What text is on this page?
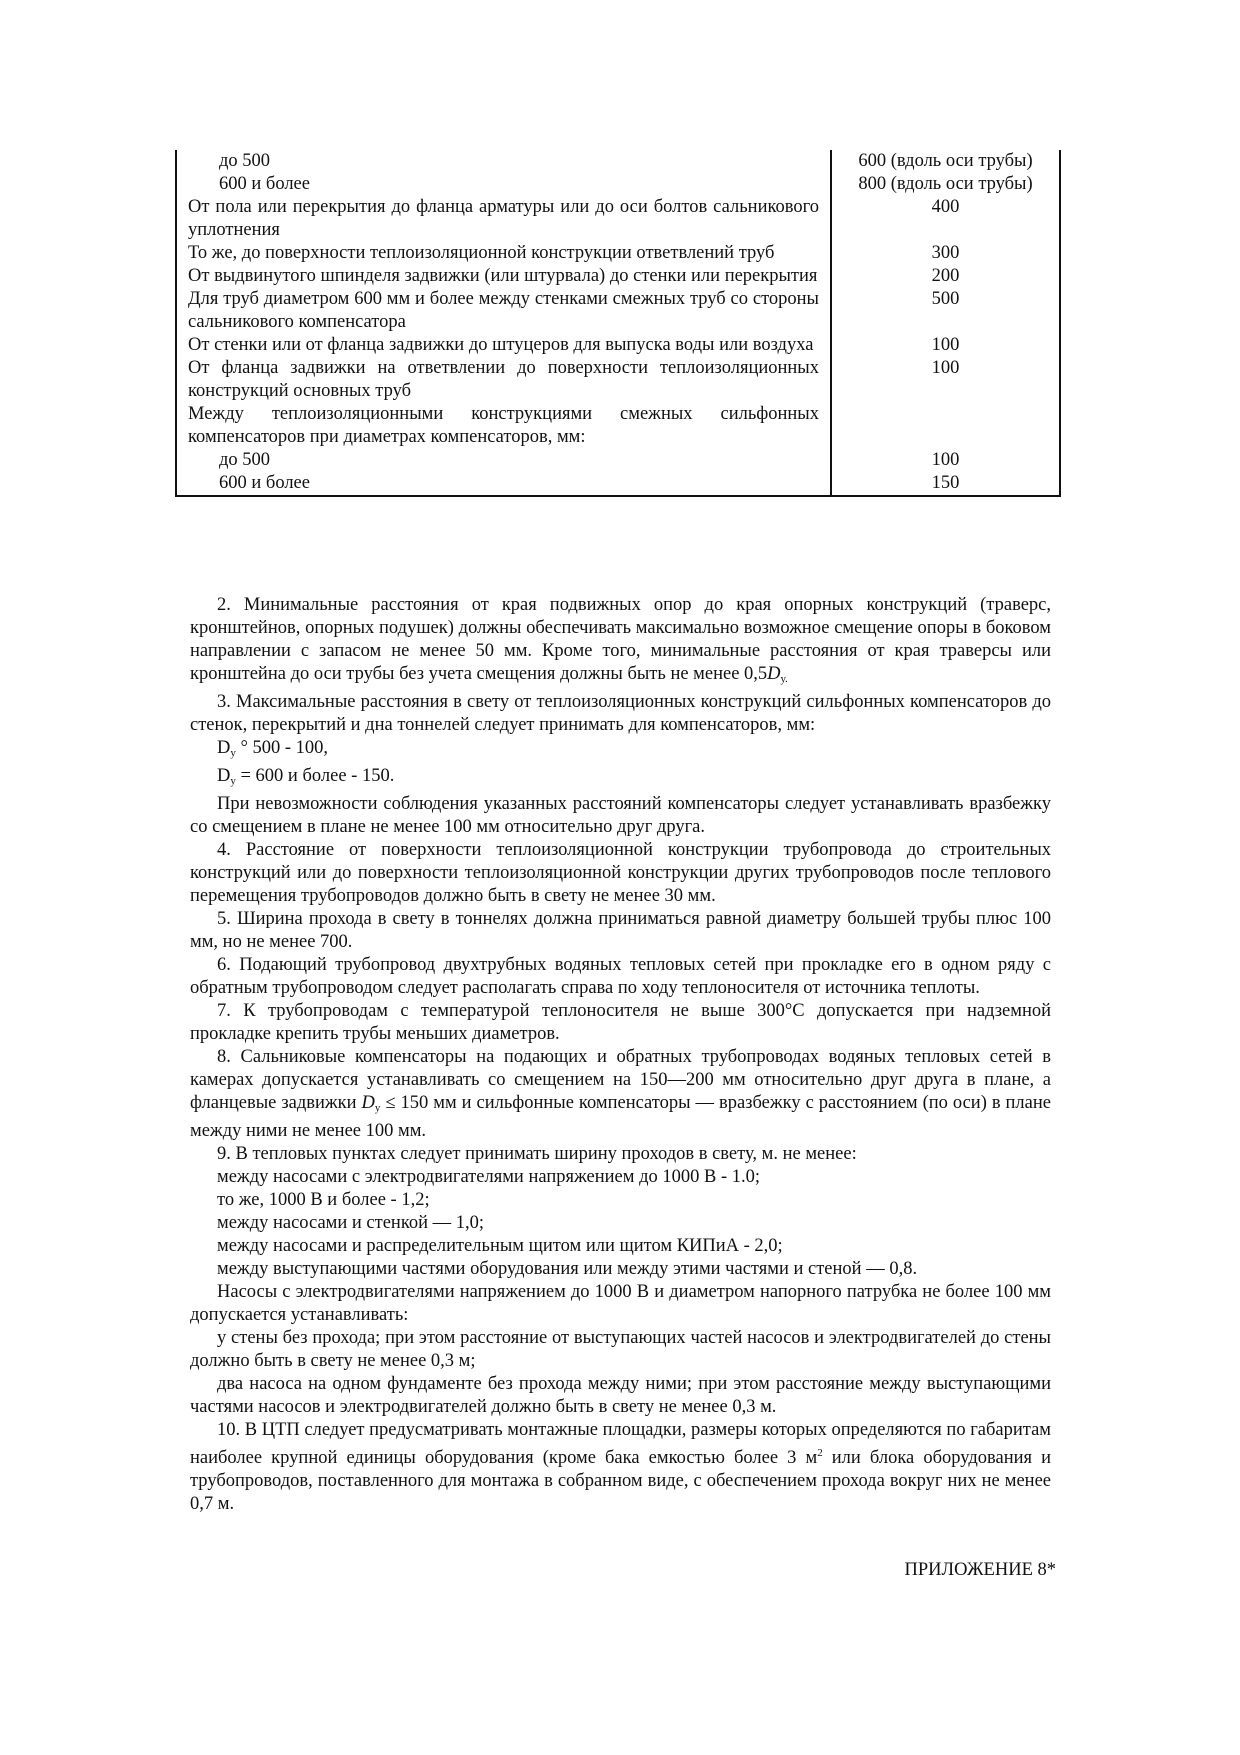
до 500	600 (вдоль оси трубы)
600 и более	800 (вдоль оси трубы)
От пола или перекрытия до фланца арматуры или до оси болтов сальникового уплотнения	400
То же, до поверхности теплоизоляционной конструкции ответвлений труб	300
От выдвинутого шпинделя задвижки (или штурвала) до стенки или перекрытия	200
Для труб диаметром 600 мм и более между стенками смежных труб со стороны сальникового компенсатора	500
От стенки или от фланца задвижки до штуцеров для выпуска воды или воздуха	100
От фланца задвижки на ответвлении до поверхности теплоизоляционных конструкций основных труб	100
Между теплоизоляционными конструкциями смежных сильфонных компенсаторов при диаметрах компенсаторов, мм:	
до 500	100
600 и более	150

2. Минимальные расстояния от края подвижных опор до края опорных конструкций (траверс, кронштейнов, опорных подушек) должны обеспечивать максимально возможное смещение опоры в боковом направлении с запасом не менее 50 мм. Кроме того, минимальные расстояния от края траверсы или кронштейна до оси трубы без учета смещения должны быть не менее $0,5D_{у.}$

3. Максимальные расстояния в свету от теплоизоляционных конструкций сильфонных компенсаторов до стенок, перекрытий и дна тоннелей следует принимать для компенсаторов, мм:

$D_у$ ° 500 - 100,

$D_у = 600$ и более - 150.

При невозможности соблюдения указанных расстояний компенсаторы следует устанавливать вразбежку со смещением в плане не менее 100 мм относительно друг друга.

4. Расстояние от поверхности теплоизоляционной конструкции трубопровода до строительных конструкций или до поверхности теплоизоляционной конструкции других трубопроводов после теплового перемещения трубопроводов должно быть в свету не менее 30 мм.

5. Ширина прохода в свету в тоннелях должна приниматься равной диаметру большей трубы плюс 100 мм, но не менее 700.

6. Подающий трубопровод двухтрубных водяных тепловых сетей при прокладке его в одном ряду с обратным трубопроводом следует располагать справа по ходу теплоносителя от источника теплоты.

7. К трубопроводам с температурой теплоносителя не выше 300°С допускается при надземной прокладке крепить трубы меньших диаметров.

8. Сальниковые компенсаторы на подающих и обратных трубопроводах водяных тепловых сетей в камерах допускается устанавливать со смещением на 150—200 мм относительно друг друга в плане, а фланцевые задвижки $D_у \le 150$ мм и сильфонные компенсаторы — вразбежку с расстоянием (по оси) в плане между ними не менее 100 мм.

9. В тепловых пунктах следует принимать ширину проходов в свету, м. не менее:

между насосами с электродвигателями напряжением до 1000 В - 1.0;

то же, 1000 В и более - 1,2;

между насосами и стенкой — 1,0;

между насосами и распределительным щитом или щитом КИПиА - 2,0;

между выступающими частями оборудования или между этими частями и стеной — 0,8.

Насосы с электродвигателями напряжением до 1000 В и диаметром напорного патрубка не более 100 мм допускается устанавливать:

у стены без прохода; при этом расстояние от выступающих частей насосов и электродвигателей до стены должно быть в свету не менее 0,3 м;

два насоса на одном фундаменте без прохода между ними; при этом расстояние между выступающими частями насосов и электродвигателей должно быть в свету не менее 0,3 м.

10. В ЦТП следует предусматривать монтажные площадки, размеры которых определяются по габаритам наиболее крупной единицы оборудования (кроме бака емкостью более 3 $м^2$ или блока оборудования и трубопроводов, поставленного для монтажа в собранном виде, с обеспечением прохода вокруг них не менее 0,7 м.

ПРИЛОЖЕНИЕ 8*
